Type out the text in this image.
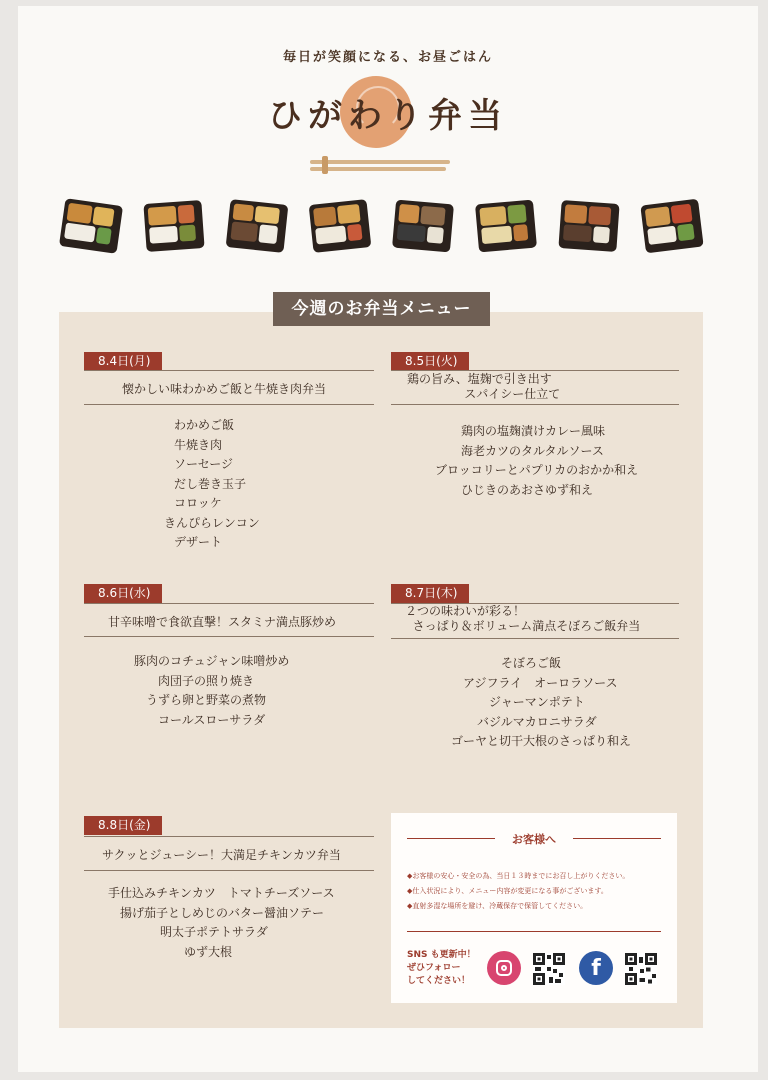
毎日が笑顔になる、お昼ごはん
ひがわり弁当
今週のお弁当メニュー
8.4日(月)
懐かしい味わかめご飯と牛焼き肉弁当
わかめご飯
牛焼き肉
ソーセージ
だし巻き玉子
コロッケ
きんぴらレンコン
デザート
8.5日(火)
鶏の旨み、塩麹で引き出す
スパイシー仕立て
鶏肉の塩麹漬けカレー風味
海老カツのタルタルソース
ブロッコリーとパプリカのおかか和え
ひじきのあおさゆず和え
8.6日(水)
甘辛味噌で食欲直撃！スタミナ満点豚炒め
豚肉のコチュジャン味噌炒め
肉団子の照り焼き
うずら卵と野菜の煮物
コールスローサラダ
8.7日(木)
２つの味わいが彩る！
さっぱり＆ボリューム満点そぼろご飯弁当
そぼろご飯
アジフライ　オーロラソース
ジャーマンポテト
バジルマカロニサラダ
ゴーヤと切干大根のさっぱり和え
8.8日(金)
サクッとジューシー！大満足チキンカツ弁当
手仕込みチキンカツ　トマトチーズソース
揚げ茄子としめじのバター醤油ソテー
明太子ポテトサラダ
ゆず大根
お客様へ
◆お客様の安心・安全の為、当日１３時までにお召し上がりください。
◆仕入状況により、メニュー内容が変更になる事がございます。
◆直射多湿な場所を避け、冷蔵保存で保管してください。
SNS も更新中！
ぜひフォロー
してください！	f
